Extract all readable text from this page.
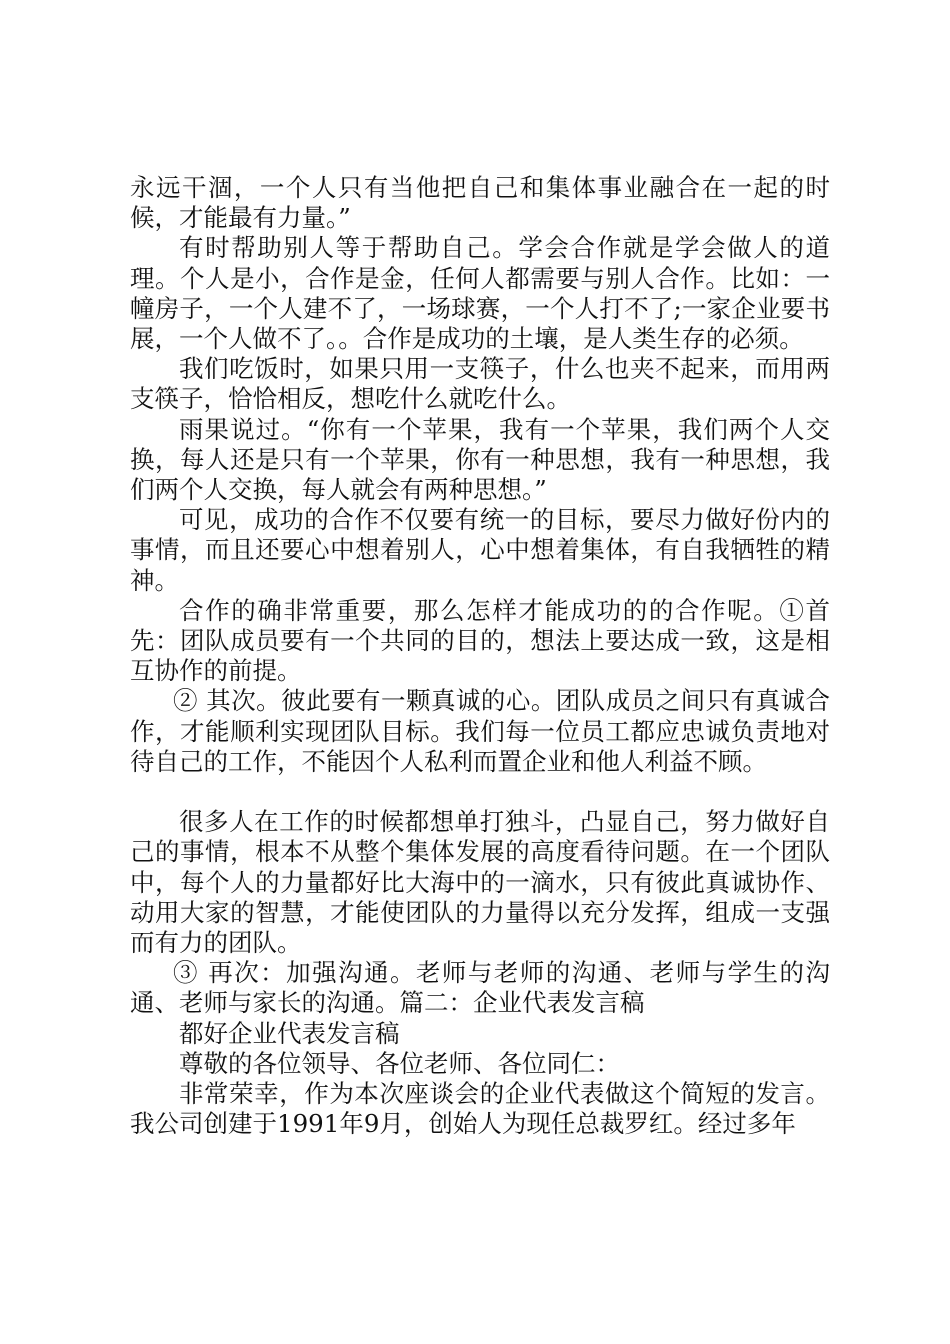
永远干涸，一个人只有当他把自己和集体事业融合在一起的时候，才能最有力量。”

有时帮助别人等于帮助自己。学会合作就是学会做人的道理。个人是小，合作是金，任何人都需要与别人合作。比如：一幢房子，一个人建不了，一场球赛，一个人打不了;一家企业要书展，一个人做不了。。合作是成功的土壤，是人类生存的必须。

我们吃饭时，如果只用一支筷子，什么也夹不起来，而用两支筷子，恰恰相反，想吃什么就吃什么。

雨果说过。“你有一个苹果，我有一个苹果，我们两个人交换，每人还是只有一个苹果，你有一种思想，我有一种思想，我们两个人交换，每人就会有两种思想。”

可见，成功的合作不仅要有统一的目标，要尽力做好份内的事情，而且还要心中想着别人，心中想着集体，有自我牺牲的精神。

合作的确非常重要，那么怎样才能成功的的合作呢。①首先：团队成员要有一个共同的目的，想法上要达成一致，这是相互协作的前提。

② 其次。彼此要有一颗真诚的心。团队成员之间只有真诚合作，才能顺利实现团队目标。我们每一位员工都应忠诚负责地对待自己的工作，不能因个人私利而置企业和他人利益不顾。

很多人在工作的时候都想单打独斗，凸显自己，努力做好自己的事情，根本不从整个集体发展的高度看待问题。在一个团队中，每个人的力量都好比大海中的一滴水，只有彼此真诚协作、动用大家的智慧，才能使团队的力量得以充分发挥，组成一支强而有力的团队。

③ 再次：加强沟通。老师与老师的沟通、老师与学生的沟通、老师与家长的沟通。篇二：企业代表发言稿

都好企业代表发言稿

尊敬的各位领导、各位老师、各位同仁：

非常荣幸，作为本次座谈会的企业代表做这个简短的发言。我公司创建于1991年9月，创始人为现任总裁罗红。经过多年
